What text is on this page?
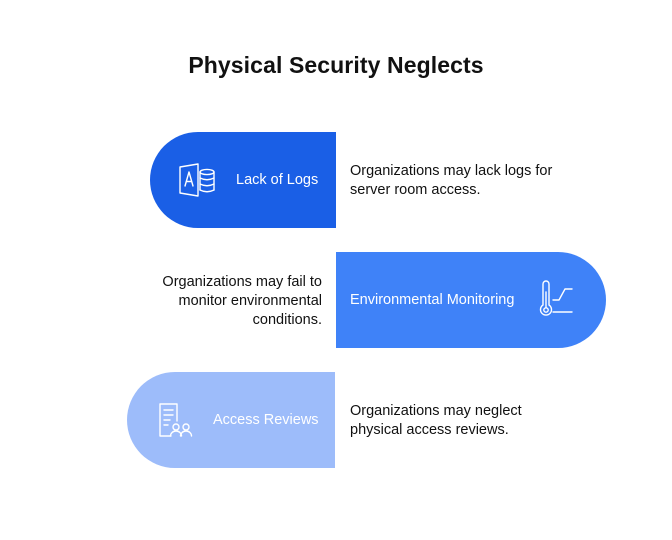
Physical Security Neglects
Lack of Logs
Organizations may lack logs for
server room access.
Organizations may fail to
monitor environmental
conditions.
Environmental Monitoring
Access Reviews
Organizations may neglect
physical access reviews.
